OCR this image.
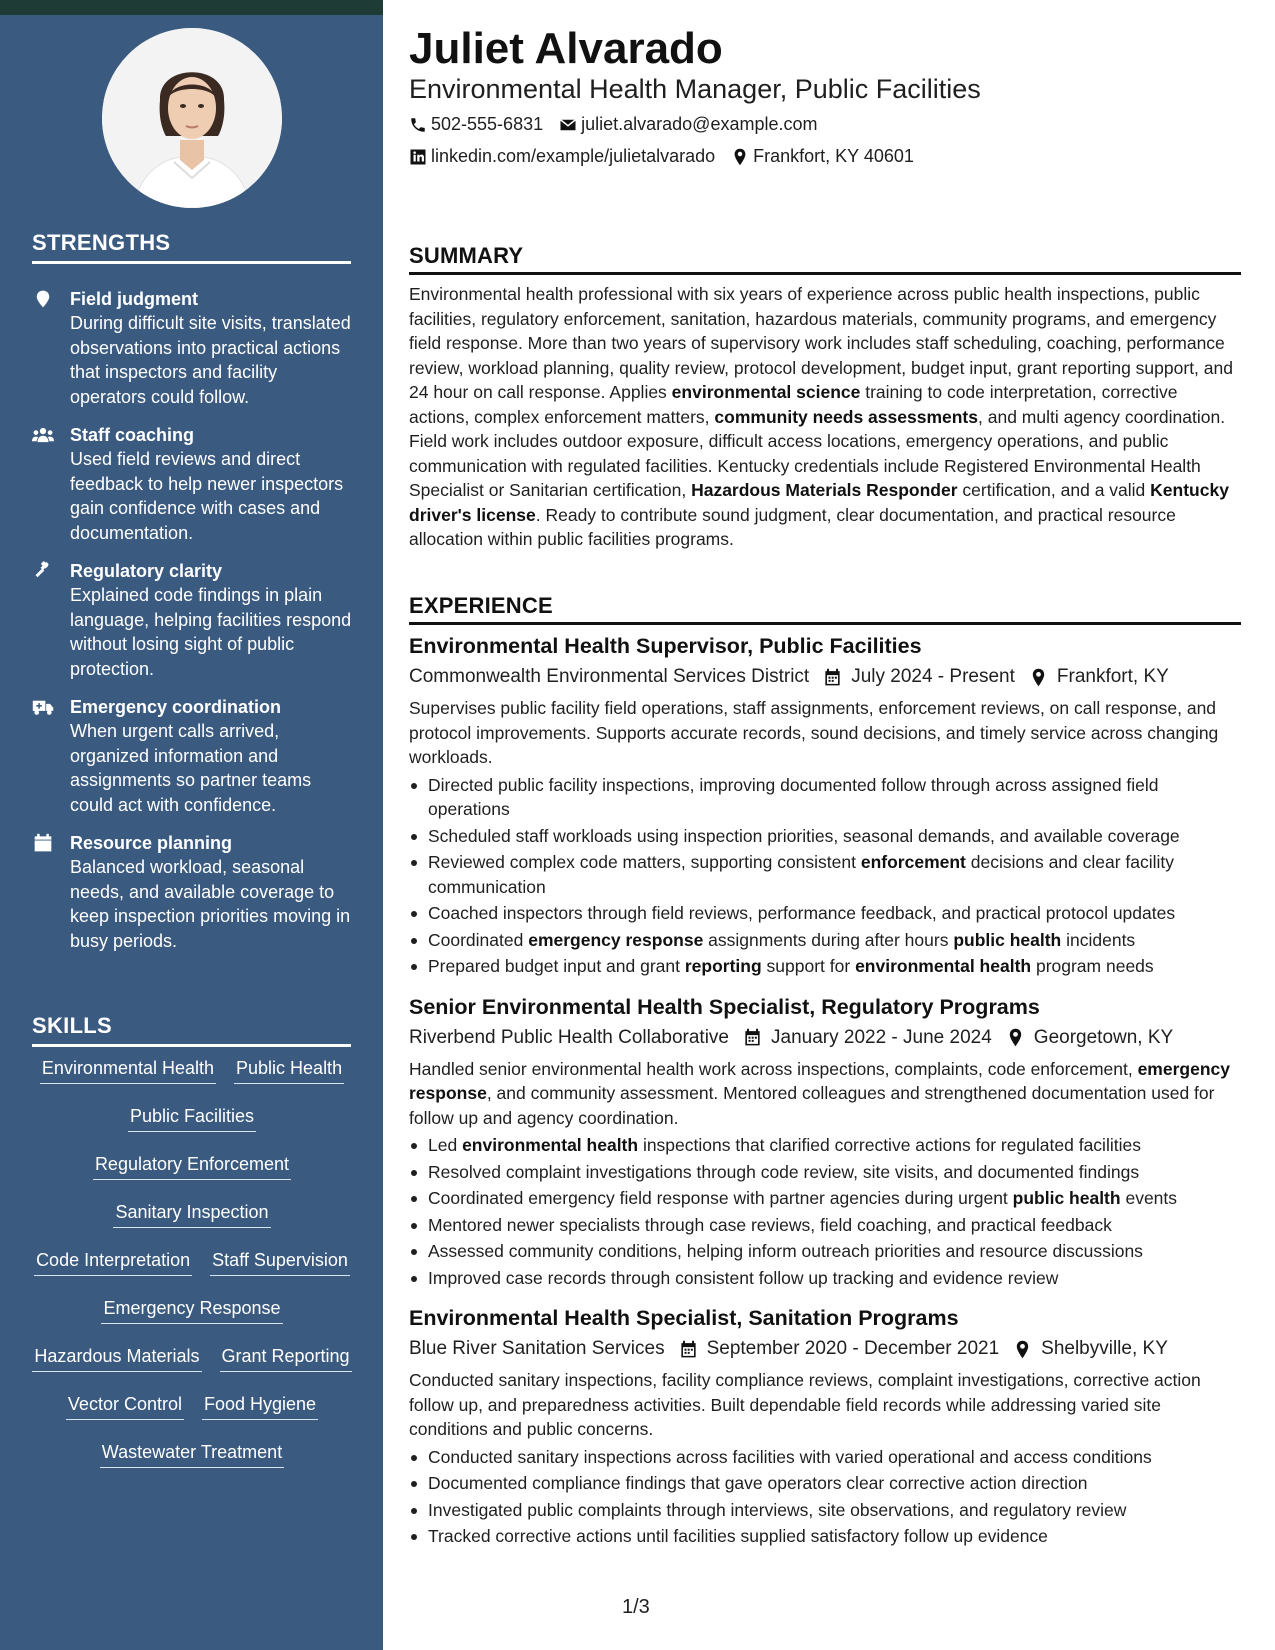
STRENGTHS
Field judgment
During difficult site visits, translated observations into practical actions that inspectors and facility operators could follow.
Staff coaching
Used field reviews and direct feedback to help newer inspectors gain confidence with cases and documentation.
Regulatory clarity
Explained code findings in plain language, helping facilities respond without losing sight of public protection.
Emergency coordination
When urgent calls arrived, organized information and assignments so partner teams could act with confidence.
Resource planning
Balanced workload, seasonal needs, and available coverage to keep inspection priorities moving in busy periods.
SKILLS
Environmental Health Public Health
Public Facilities
Regulatory Enforcement
Sanitary Inspection
Code Interpretation Staff Supervision
Emergency Response
Hazardous Materials Grant Reporting
Vector Control Food Hygiene
Wastewater Treatment
Juliet Alvarado
Environmental Health Manager, Public Facilities
502-555-6831 juliet.alvarado@example.com
linkedin.com/example/julietalvarado Frankfort, KY 40601
SUMMARY

Environmental health professional with six years of experience across public health inspections, public facilities, regulatory enforcement, sanitation, hazardous materials, community programs, and emergency field response. More than two years of supervisory work includes staff scheduling, coaching, performance review, workload planning, quality review, protocol development, budget input, grant reporting support, and 24 hour on call response. Applies environmental science training to code interpretation, corrective actions, complex enforcement matters, community needs assessments, and multi agency coordination. Field work includes outdoor exposure, difficult access locations, emergency operations, and public communication with regulated facilities. Kentucky credentials include Registered Environmental Health Specialist or Sanitarian certification, Hazardous Materials Responder certification, and a valid Kentucky driver's license. Ready to contribute sound judgment, clear documentation, and practical resource allocation within public facilities programs.

EXPERIENCE
Environmental Health Supervisor, Public Facilities
Commonwealth Environmental Services District July 2024 - Present Frankfort, KY

Supervises public facility field operations, staff assignments, enforcement reviews, on call response, and protocol improvements. Supports accurate records, sound decisions, and timely service across changing workloads.

Directed public facility inspections, improving documented follow through across assigned field operations
Scheduled staff workloads using inspection priorities, seasonal demands, and available coverage
Reviewed complex code matters, supporting consistent enforcement decisions and clear facility communication
Coached inspectors through field reviews, performance feedback, and practical protocol updates
Coordinated emergency response assignments during after hours public health incidents
Prepared budget input and grant reporting support for environmental health program needs
Senior Environmental Health Specialist, Regulatory Programs
Riverbend Public Health Collaborative January 2022 - June 2024 Georgetown, KY

Handled senior environmental health work across inspections, complaints, code enforcement, emergency response, and community assessment. Mentored colleagues and strengthened documentation used for follow up and agency coordination.

Led environmental health inspections that clarified corrective actions for regulated facilities
Resolved complaint investigations through code review, site visits, and documented findings
Coordinated emergency field response with partner agencies during urgent public health events
Mentored newer specialists through case reviews, field coaching, and practical feedback
Assessed community conditions, helping inform outreach priorities and resource discussions
Improved case records through consistent follow up tracking and evidence review
Environmental Health Specialist, Sanitation Programs
Blue River Sanitation Services September 2020 - December 2021 Shelbyville, KY

Conducted sanitary inspections, facility compliance reviews, complaint investigations, corrective action follow up, and preparedness activities. Built dependable field records while addressing varied site conditions and public concerns.

Conducted sanitary inspections across facilities with varied operational and access conditions
Documented compliance findings that gave operators clear corrective action direction
Investigated public complaints through interviews, site observations, and regulatory review
Tracked corrective actions until facilities supplied satisfactory follow up evidence
1/3
